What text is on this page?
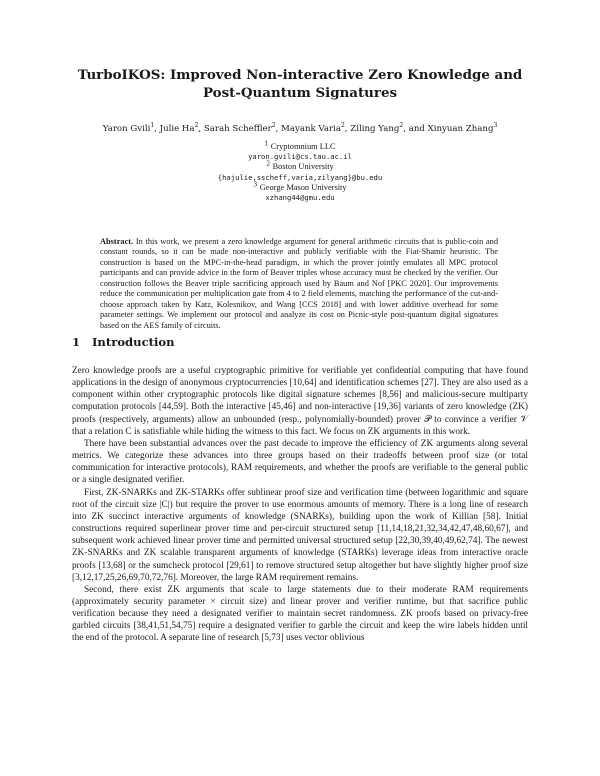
TurboIKOS: Improved Non-interactive Zero Knowledge and
Post-Quantum Signatures
Yaron Gvili$^1$, Julie Ha$^2$, Sarah Scheffler$^2$, Mayank Varia$^2$, Ziling Yang$^2$, and Xinyuan Zhang$^3$
$^1$ Cryptomnium LLC
yaron.gvili@cs.tau.ac.il
$^2$ Boston University
{hajulie,sscheff,varia,zilyang}@bu.edu
$^3$ George Mason University
xzhang44@gmu.edu

Abstract. In this work, we present a zero knowledge argument for general arithmetic circuits that is public-coin and constant rounds, so it can be made non-interactive and publicly verifiable with the Fiat-Shamir heuristic. The construction is based on the MPC-in-the-head paradigm, in which the prover jointly emulates all MPC protocol participants and can provide advice in the form of Beaver triples whose accuracy must be checked by the verifier. Our construction follows the Beaver triple sacrificing approach used by Baum and Nof [PKC 2020]. Our improvements reduce the communication per multiplication gate from 4 to 2 field elements, matching the performance of the cut-and-choose approach taken by Katz, Kolesnikov, and Wang [CCS 2018] and with lower additive overhead for some parameter settings. We implement our protocol and analyze its cost on Picnic-style post-quantum digital signatures based on the AES family of circuits.

1 Introduction

Zero knowledge proofs are a useful cryptographic primitive for verifiable yet confidential computing that have found applications in the design of anonymous cryptocurrencies [10,64] and identification schemes [27]. They are also used as a component within other cryptographic protocols like digital signature schemes [8,56] and malicious-secure multiparty computation protocols [44,59]. Both the interactive [45,46] and non-interactive [19,36] variants of zero knowledge (ZK) proofs (respectively, arguments) allow an unbounded (resp., polynomially-bounded) prover 𝒫 to convince a verifier 𝒱 that a relation C is satisfiable while hiding the witness to this fact. We focus on ZK arguments in this work.

There have been substantial advances over the past decade to improve the efficiency of ZK arguments along several metrics. We categorize these advances into three groups based on their tradeoffs between proof size (or total communication for interactive protocols), RAM requirements, and whether the proofs are verifiable to the general public or a single designated verifier.

First, ZK-SNARKs and ZK-STARKs offer sublinear proof size and verification time (between logarithmic and square root of the circuit size |C|) but require the prover to use enormous amounts of memory. There is a long line of research into ZK succinct interactive arguments of knowledge (SNARKs), building upon the work of Killian [58]. Initial constructions required superlinear prover time and per-circuit structured setup [11,14,18,21,32,34,42,47,48,60,67], and subsequent work achieved linear prover time and permitted universal structured setup [22,30,39,40,49,62,74]. The newest ZK-SNARKs and ZK scalable transparent arguments of knowledge (STARKs) leverage ideas from interactive oracle proofs [13,68] or the sumcheck protocol [29,61] to remove structured setup altogether but have slightly higher proof size [3,12,17,25,26,69,70,72,76]. Moreover, the large RAM requirement remains.

Second, there exist ZK arguments that scale to large statements due to their moderate RAM requirements (approximately security parameter × circuit size) and linear prover and verifier runtime, but that sacrifice public verification because they need a designated verifier to maintain secret randomness. ZK proofs based on privacy-free garbled circuits [38,41,51,54,75] require a designated verifier to garble the circuit and keep the wire labels hidden until the end of the protocol. A separate line of research [5,73] uses vector oblivious
